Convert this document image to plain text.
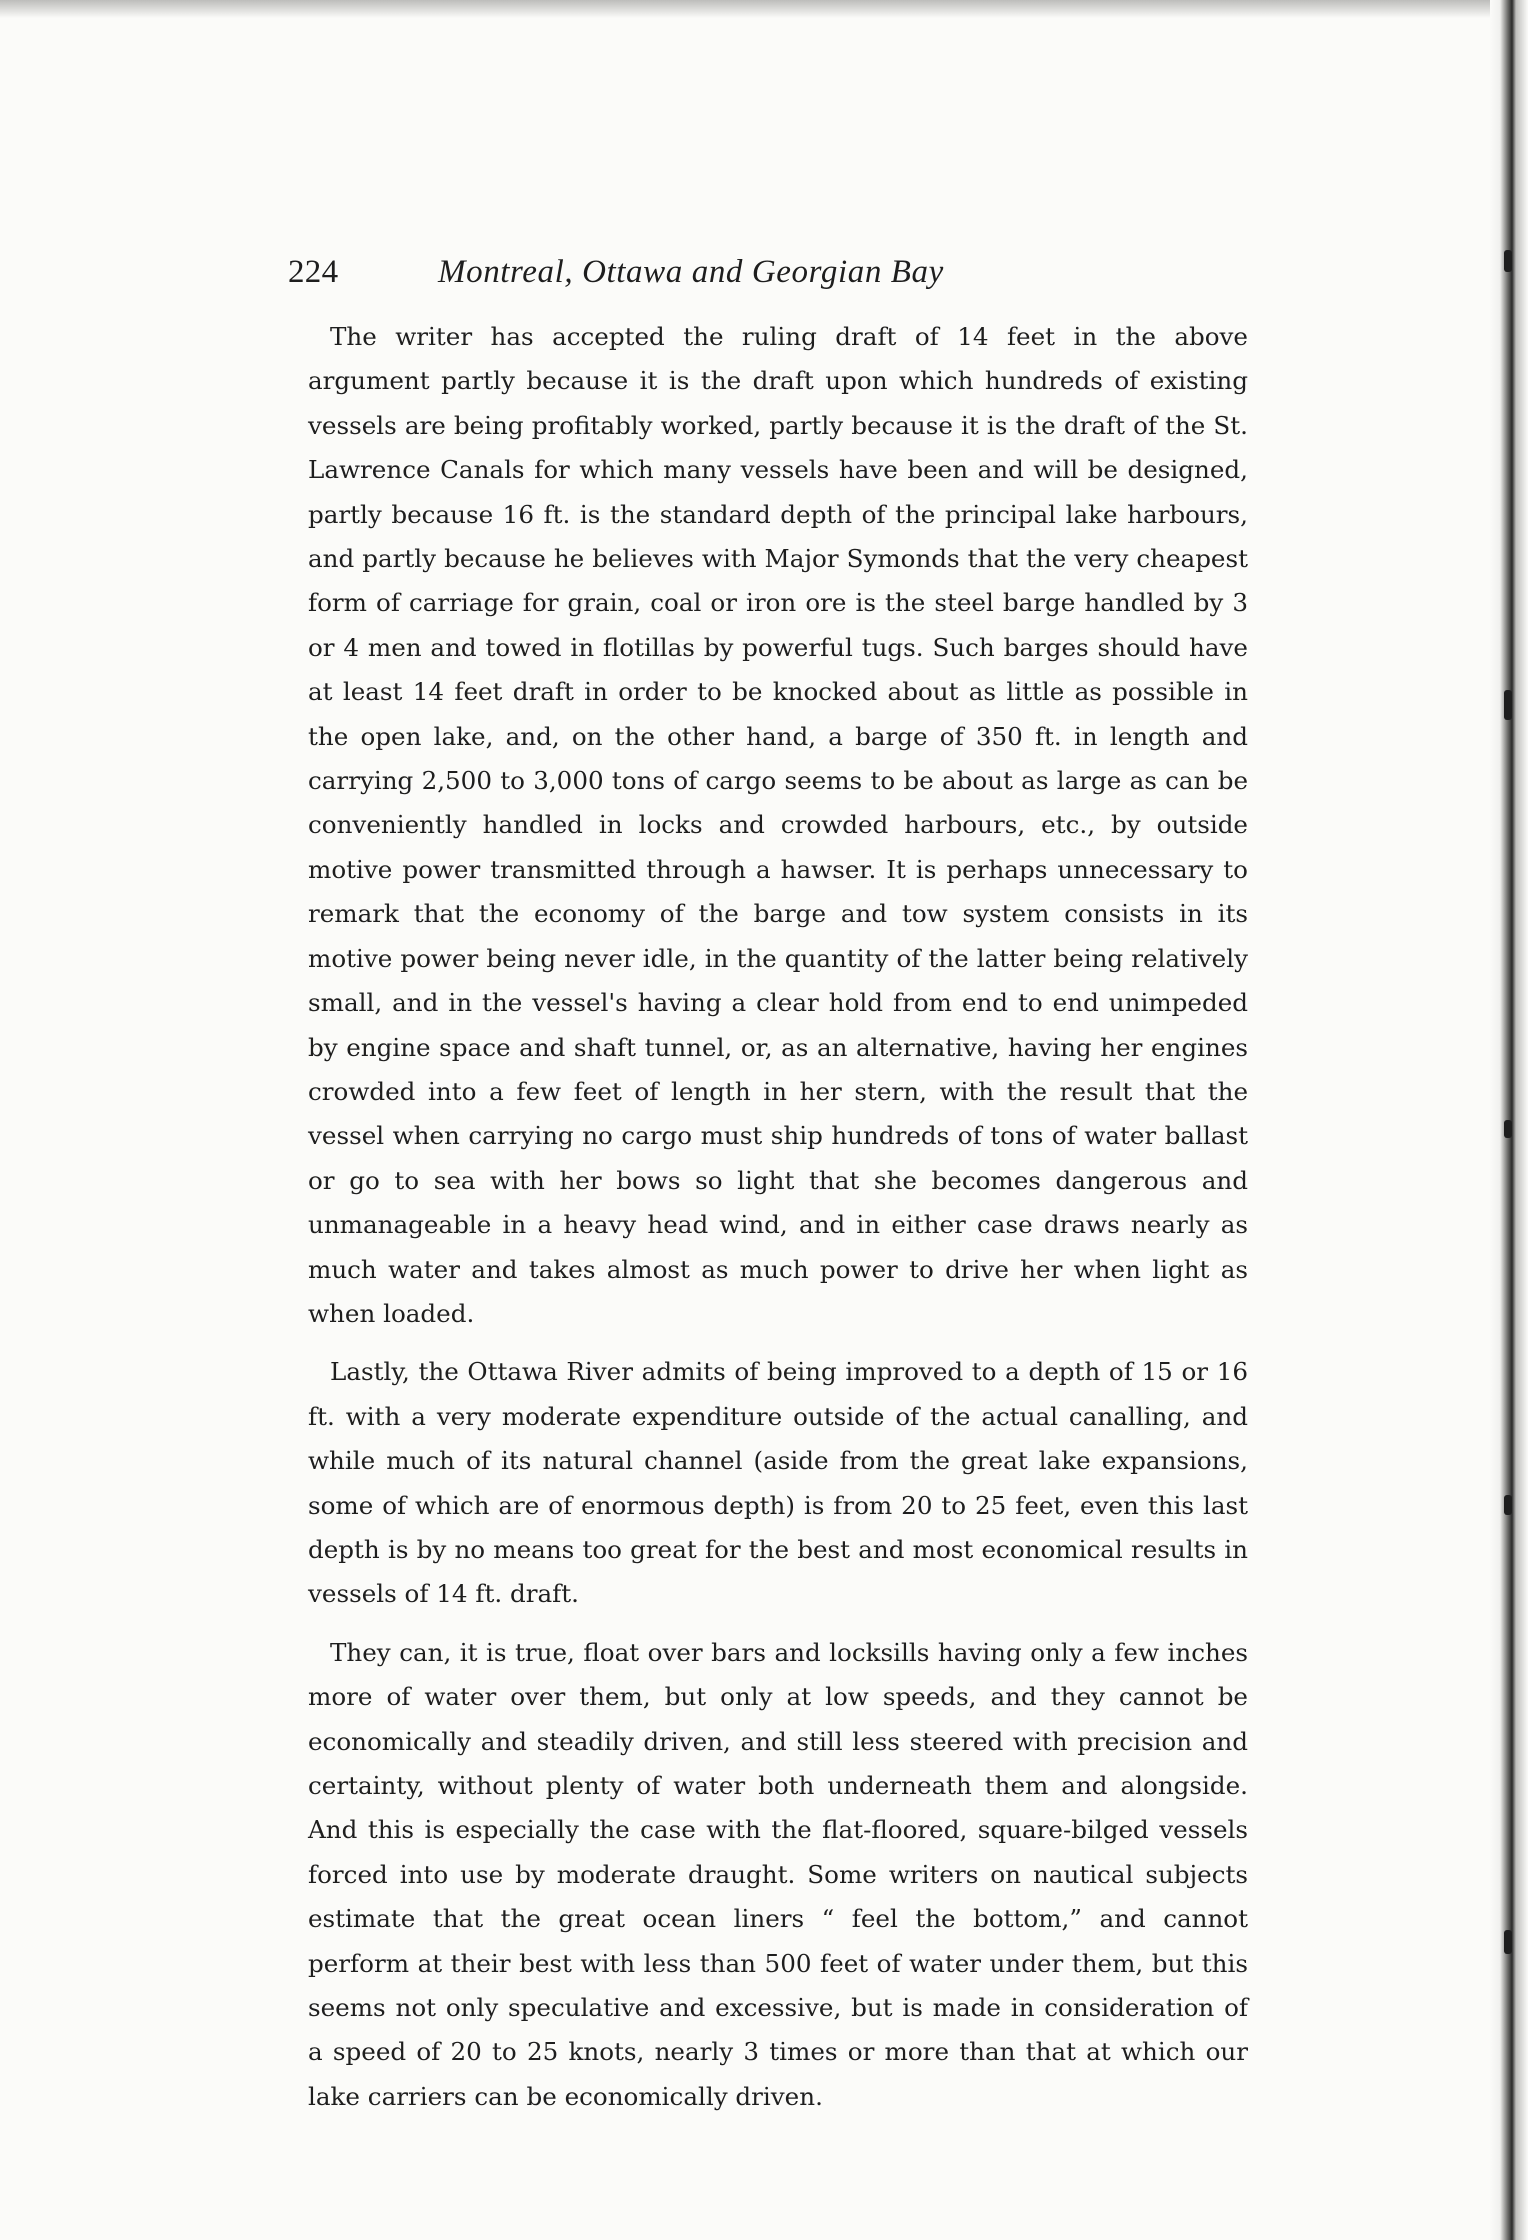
224	Montreal, Ottawa and Georgian Bay

The writer has accepted the ruling draft of 14 feet in the above argument partly because it is the draft upon which hundreds of existing vessels are being profitably worked, partly because it is the draft of the St. Lawrence Canals for which many vessels have been and will be designed, partly because 16 ft. is the standard depth of the principal lake harbours, and partly because he believes with Major Symonds that the very cheapest form of carriage for grain, coal or iron ore is the steel barge handled by 3 or 4 men and towed in flotillas by powerful tugs. Such barges should have at least 14 feet draft in order to be knocked about as little as possible in the open lake, and, on the other hand, a barge of 350 ft. in length and carrying 2,500 to 3,000 tons of cargo seems to be about as large as can be conveniently handled in locks and crowded harbours, etc., by outside motive power transmitted through a hawser. It is perhaps unnecessary to remark that the economy of the barge and tow system consists in its motive power being never idle, in the quantity of the latter being relatively small, and in the vessel's having a clear hold from end to end unimpeded by engine space and shaft tunnel, or, as an alternative, having her engines crowded into a few feet of length in her stern, with the result that the vessel when carrying no cargo must ship hundreds of tons of water ballast or go to sea with her bows so light that she becomes dangerous and unmanageable in a heavy head wind, and in either case draws nearly as much water and takes almost as much power to drive her when light as when loaded.

Lastly, the Ottawa River admits of being improved to a depth of 15 or 16 ft. with a very moderate expenditure outside of the actual canalling, and while much of its natural channel (aside from the great lake expansions, some of which are of enormous depth) is from 20 to 25 feet, even this last depth is by no means too great for the best and most economical results in vessels of 14 ft. draft.

They can, it is true, float over bars and locksills having only a few inches more of water over them, but only at low speeds, and they cannot be economically and steadily driven, and still less steered with precision and certainty, without plenty of water both underneath them and alongside. And this is especially the case with the flat-floored, square-bilged vessels forced into use by moderate draught. Some writers on nautical subjects estimate that the great ocean liners “ feel the bottom,” and cannot perform at their best with less than 500 feet of water under them, but this seems not only speculative and excessive, but is made in consideration of a speed of 20 to 25 knots, nearly 3 times or more than that at which our lake carriers can be economically driven.
